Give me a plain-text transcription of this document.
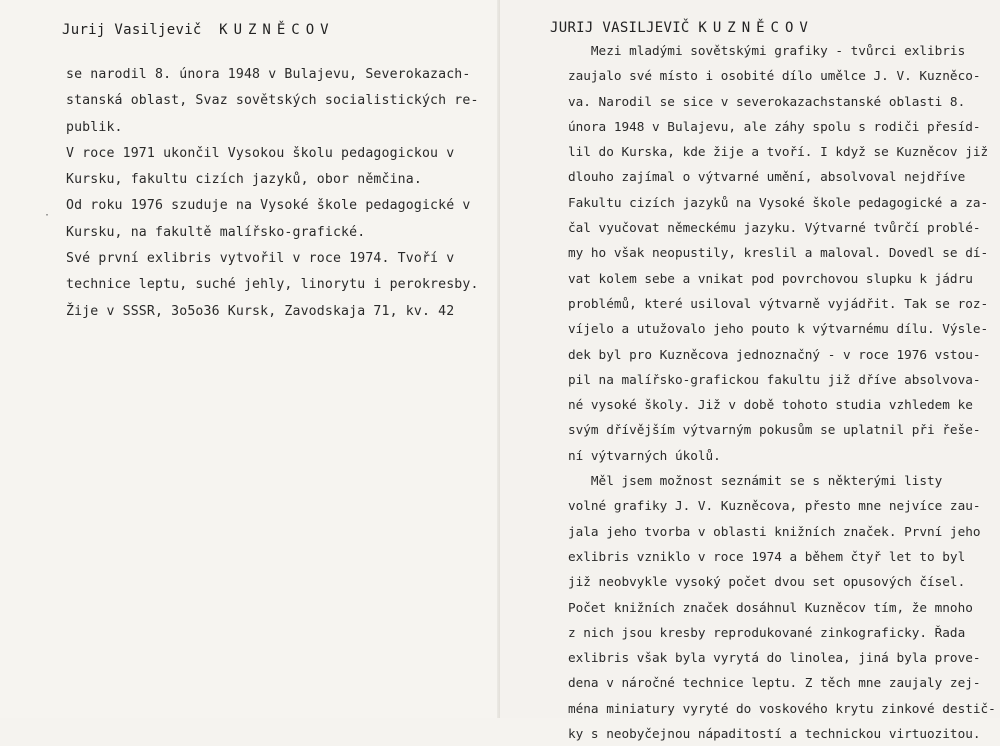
Jurij Vasiljevič KUZNĚCOV
·
se narodil 8. února 1948 v Bulajevu, Severokazach-
stanská oblast, Svaz sovětských socialistických re-
publik.
V roce 1971 ukončil Vysokou školu pedagogickou v
Kursku, fakultu cizích jazyků, obor němčina.
Od roku 1976 szuduje na Vysoké škole pedagogické v
Kursku, na fakultě malířsko-grafické.
Své první exlibris vytvořil v roce 1974. Tvoří v
technice leptu, suché jehly, linorytu i perokresby.
Žije v SSSR, 3o5o36 Kursk, Zavodskaja 71, kv. 42
Mezi mladými sovětskými grafiky - tvůrci exlibris
zaujalo své místo i osobité dílo umělce J. V. Kuzněco-
va. Narodil se sice v severokazachstanské oblasti 8.
února 1948 v Bulajevu, ale záhy spolu s rodiči přesíd-
lil do Kurska, kde žije a tvoří. I když se Kuzněcov již
dlouho zajímal o výtvarné umění, absolvoval nejdříve
Fakultu cizích jazyků na Vysoké škole pedagogické a za-
čal vyučovat německému jazyku. Výtvarné tvůrčí problé-
my ho však neopustily, kreslil a maloval. Dovedl se dí-
vat kolem sebe a vnikat pod povrchovou slupku k jádru
problémů, které usiloval výtvarně vyjádřit. Tak se roz-
víjelo a utužovalo jeho pouto k výtvarnému dílu. Výsle-
dek byl pro Kuzněcova jednoznačný - v roce 1976 vstou-
pil na malířsko-grafickou fakultu již dříve absolvova-
né vysoké školy. Již v době tohoto studia vzhledem ke
svým dřívějším výtvarným pokusům se uplatnil při řeše-
ní výtvarných úkolů.
Měl jsem možnost seznámit se s některými listy
volné grafiky J. V. Kuzněcova, přesto mne nejvíce zau-
jala jeho tvorba v oblasti knižních značek. První jeho
exlibris vzniklo v roce 1974 a během čtyř let to byl
již neobvykle vysoký počet dvou set opusových čísel.
Počet knižních značek dosáhnul Kuzněcov tím, že mnoho
z nich jsou kresby reprodukované zinkograficky. Řada
exlibris však byla vyrytá do linolea, jiná byla prove-
dena v náročné technice leptu. Z těch mne zaujaly zej-
ména miniatury vyryté do voskového krytu zinkové destič-
ky s neobyčejnou nápaditostí a technickou virtuozitou.
JURIJ VASILJEVIČ KUZNĚCOV
